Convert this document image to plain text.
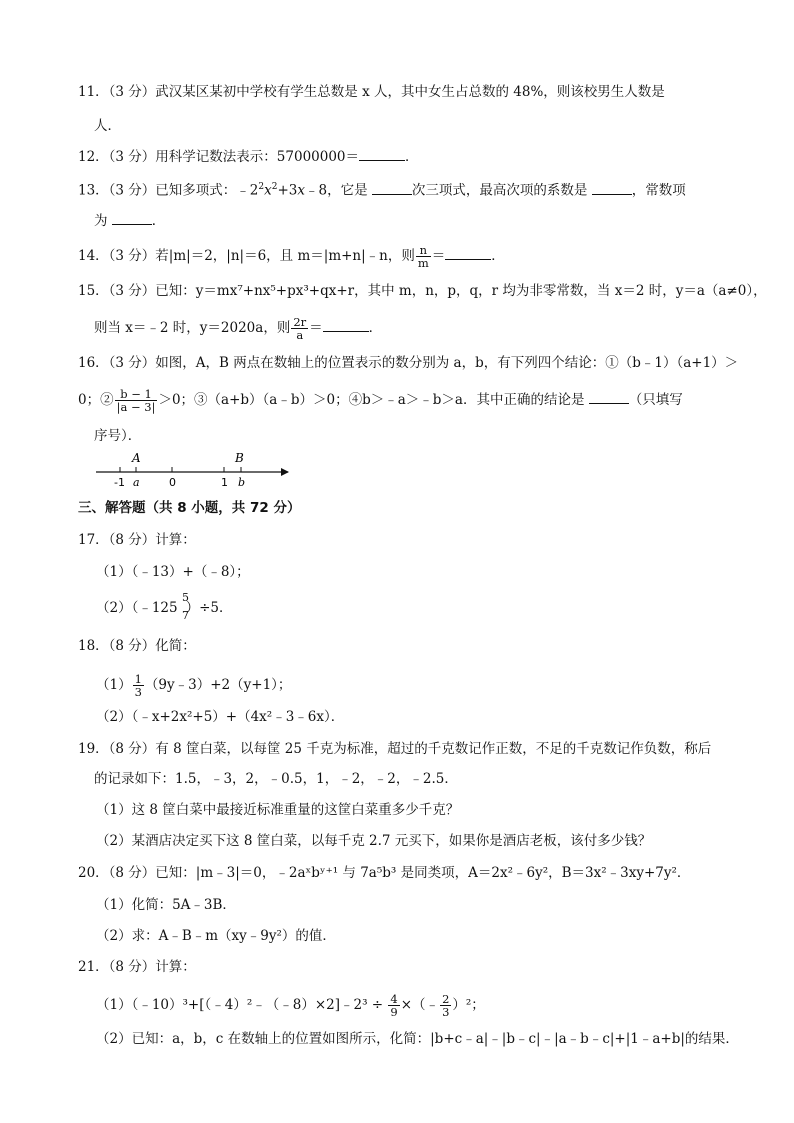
11．（3 分）武汉某区某初中学校有学生总数是 x 人，其中女生占总数的 48%，则该校男生人数是
人．
12．（3 分）用科学记数法表示：57000000＝	．
13．（3 分）已知多项式：$﹣2^2x^2+3x﹣8$，它是	次三项式，最高次项的系数是	，常数项
为	．
14．（3 分）若|m|＝2，|n|＝6，且 m＝|m+n|﹣n，则 $\frac{n}{m}$ ＝	．
15．（3 分）已知：y＝mx⁷+nx⁵+px³+qx+r，其中 m，n，p，q，r 均为非零常数，当 x＝2 时，y＝a（a≠0），
则当 x＝﹣2 时，y＝2020a，则 $\frac{2r}{a}$ ＝	．
16．（3 分）如图，A，B 两点在数轴上的位置表示的数分别为 a，b，有下列四个结论：①（b﹣1）（a+1）＞
0；② $\frac{b - 1}{|a - 3|} >0$；③（a+b）（a﹣b）＞0；④b＞﹣a＞﹣b＞a．其中正确的结论是	（只填写
序号）．
A	B
-1 a	0	1 b
三、解答题（共 8 小题，共 72 分）
17．（8 分）计算：
（1）（﹣13）+（﹣8）；
（2）（﹣125
5
7
）÷5．
18．（8 分）化简：
$(1) \frac{1}{3}$ （9y﹣3）+2（y+1）；
（2）（﹣x+2x²+5）+（4x²﹣3﹣6x）．
19．（8 分）有 8 筐白菜，以每筐 25 千克为标准，超过的千克数记作正数，不足的千克数记作负数，称后
的记录如下：1.5，﹣3，2，﹣0.5，1，﹣2，﹣2，﹣2.5．
（1）这 8 筐白菜中最接近标准重量的这筐白菜重多少千克？
（2）某酒店决定买下这 8 筐白菜，以每千克 2.7 元买下，如果你是酒店老板，该付多少钱？
20．（8 分）已知：|m﹣3|＝0，﹣2aˣbʸ⁺¹ 与 7a⁵b³ 是同类项，A＝2x²﹣6y²，B＝3x²﹣3xy+7y²．
（1）化简：5A﹣3B．
（2）求：A﹣B﹣m（xy﹣9y²）的值．
21．（8 分）计算：
（1）（﹣10）³+[（﹣4）²﹣（﹣8）×2]﹣2³ ÷ $\frac{4}{9}$ ×（﹣ $\frac{2}{3} )^2$；
（2）已知：a，b，c 在数轴上的位置如图所示，化简：|b+c﹣a|﹣|b﹣c|﹣|a﹣b﹣c|+|1﹣a+b|的结果．
